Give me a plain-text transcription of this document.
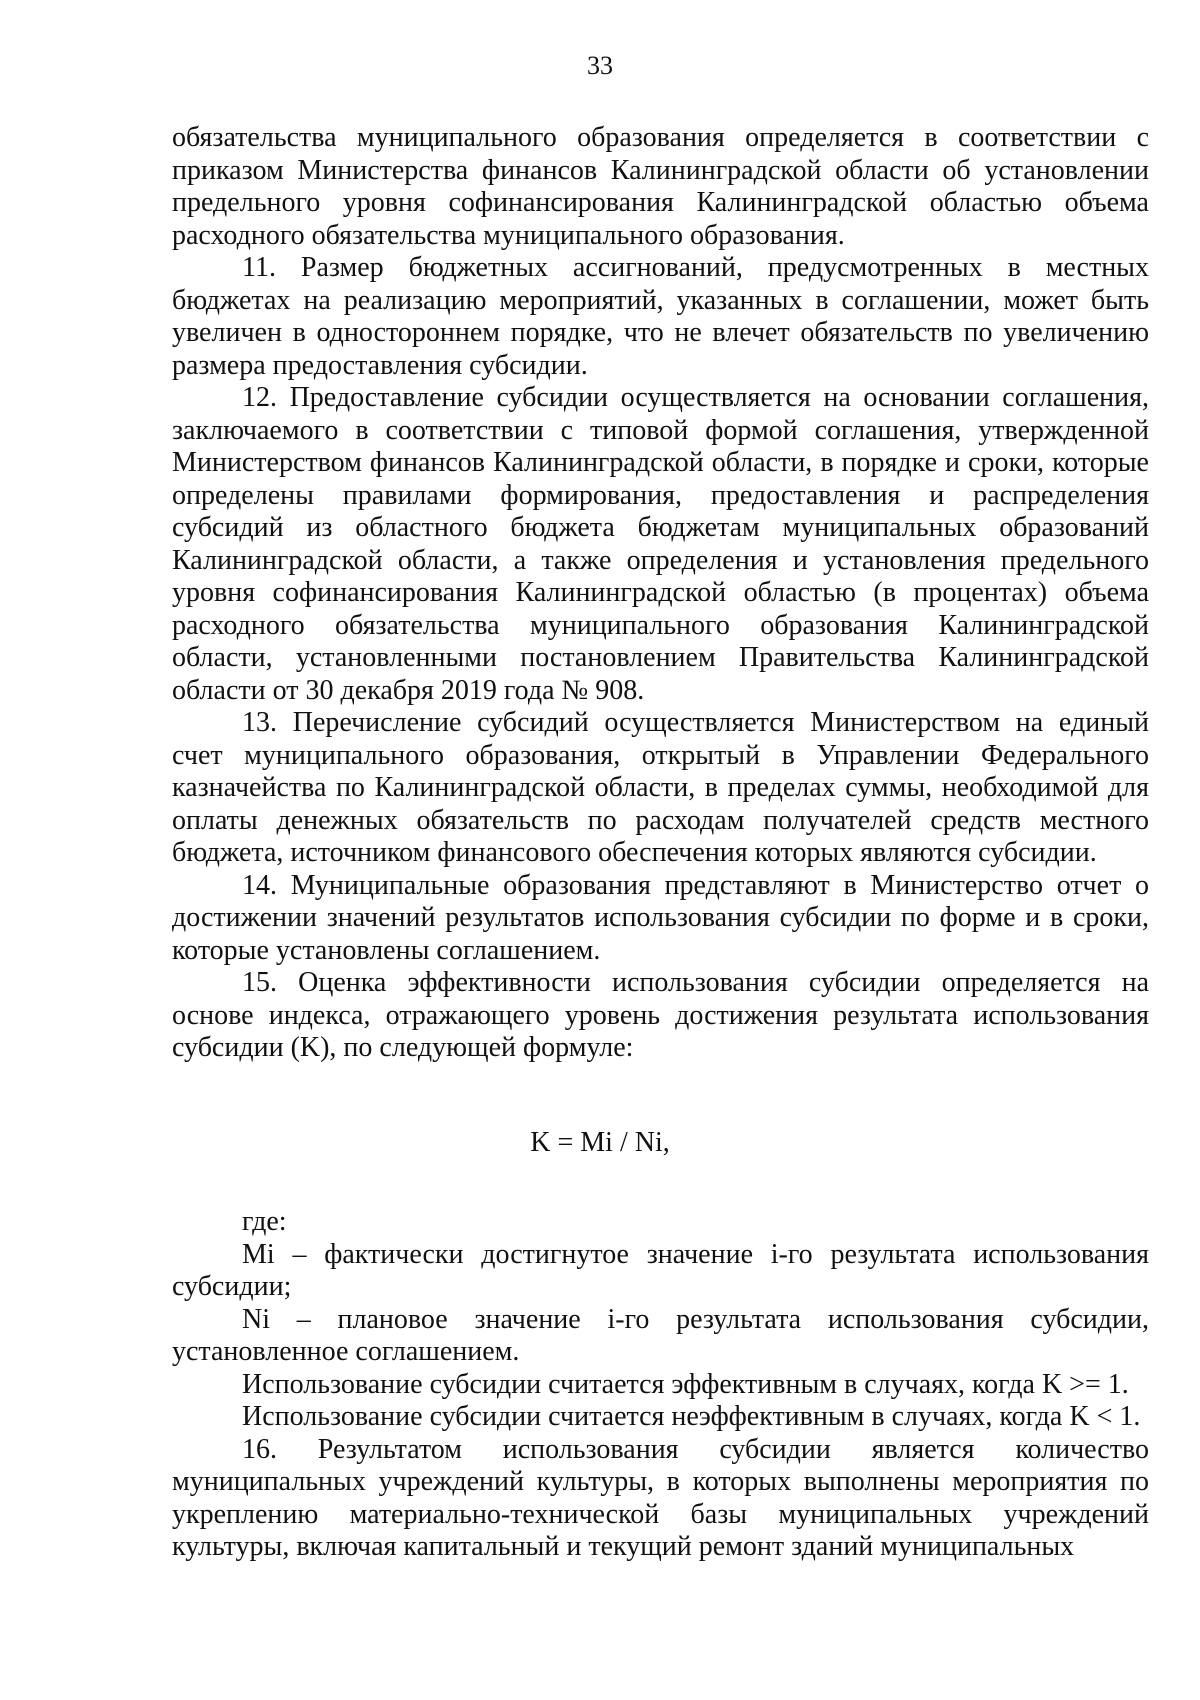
33

обязательства муниципального образования определяется в соответствии с приказом Министерства финансов Калининградской области об установлении предельного уровня софинансирования Калининградской областью объема расходного обязательства муниципального образования.

11. Размер бюджетных ассигнований, предусмотренных в местных бюджетах на реализацию мероприятий, указанных в соглашении, может быть увеличен в одностороннем порядке, что не влечет обязательств по увеличению размера предоставления субсидии.

12. Предоставление субсидии осуществляется на основании соглашения, заключаемого в соответствии с типовой формой соглашения, утвержденной Министерством финансов Калининградской области, в порядке и сроки, которые определены правилами формирования, предоставления и распределения субсидий из областного бюджета бюджетам муниципальных образований Калининградской области, а также определения и установления предельного уровня софинансирования Калининградской областью (в процентах) объема расходного обязательства муниципального образования Калининградской области, установленными постановлением Правительства Калининградской области от 30 декабря 2019 года № 908.

13. Перечисление субсидий осуществляется Министерством на единый счет муниципального образования, открытый в Управлении Федерального казначейства по Калининградской области, в пределах суммы, необходимой для оплаты денежных обязательств по расходам получателей средств местного бюджета, источником финансового обеспечения которых являются субсидии.

14. Муниципальные образования представляют в Министерство отчет о достижении значений результатов использования субсидии по форме и в сроки, которые установлены соглашением.

15. Оценка эффективности использования субсидии определяется на основе индекса, отражающего уровень достижения результата использования субсидии (K), по следующей формуле:

K = Mi / Ni,

где:

Mi – фактически достигнутое значение i-го результата использования субсидии;

Ni – плановое значение i-го результата использования субсидии, установленное соглашением.

Использование субсидии считается эффективным в случаях, когда K >= 1.

Использование субсидии считается неэффективным в случаях, когда K < 1.

16. Результатом использования субсидии является количество муниципальных учреждений культуры, в которых выполнены мероприятия по укреплению материально-технической базы муниципальных учреждений культуры, включая капитальный и текущий ремонт зданий муниципальных
